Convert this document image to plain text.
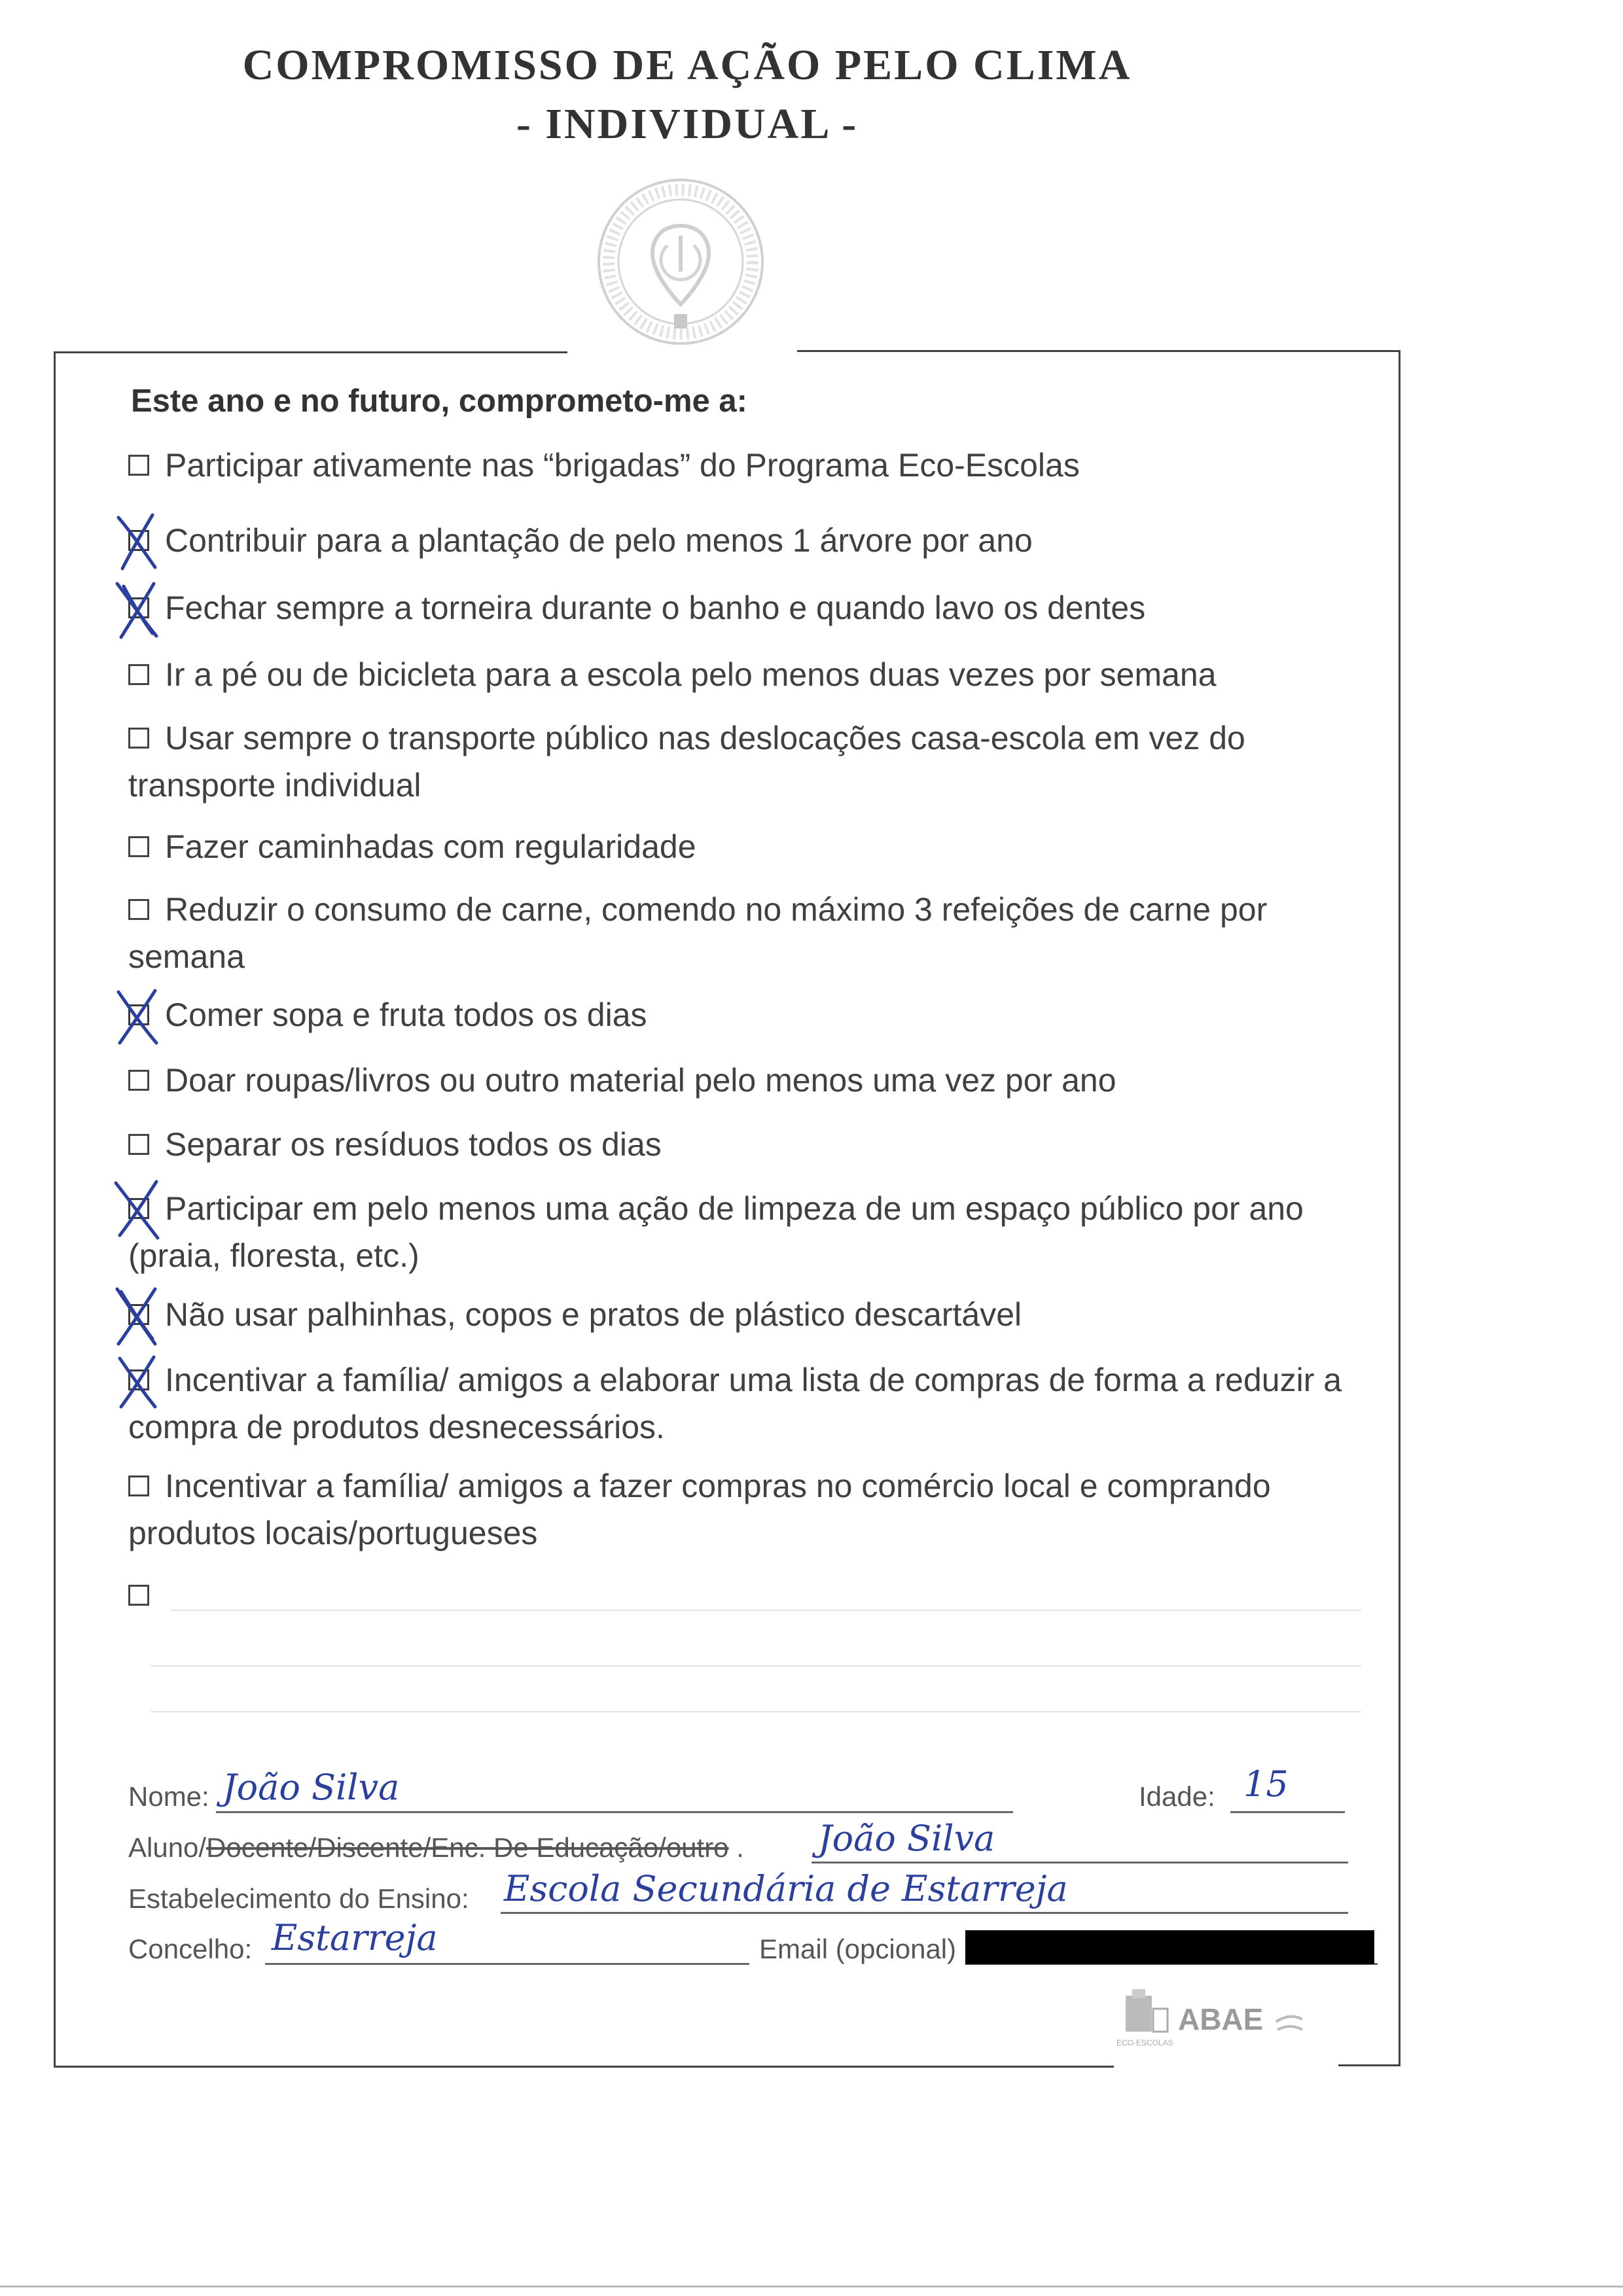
COMPROMISSO DE AÇÃO PELO CLIMA
- INDIVIDUAL -
Este ano e no futuro, comprometo-me a:
Participar ativamente nas “brigadas” do Programa Eco-Escolas
Contribuir para a plantação de pelo menos 1 árvore por ano
Fechar sempre a torneira durante o banho e quando lavo os dentes
Ir a pé ou de bicicleta para a escola pelo menos duas vezes por semana
Usar sempre o transporte público nas deslocações casa-escola em vez do transporte individual
Fazer caminhadas com regularidade
Reduzir o consumo de carne, comendo no máximo 3 refeições de carne por semana
Comer sopa e fruta todos os dias
Doar roupas/livros ou outro material pelo menos uma vez por ano
Separar os resíduos todos os dias
Participar em pelo menos uma ação de limpeza de um espaço público por ano (praia, floresta, etc.)
Não usar palhinhas, copos e pratos de plástico descartável
Incentivar a família/ amigos a elaborar uma lista de compras de forma a reduzir a compra de produtos desnecessários.
Incentivar a família/ amigos a fazer compras no comércio local e comprando produtos locais/portugueses
Nome: João Silva	Idade: 15
Aluno/Docente/Discente/Enc. De Educação/outro . João Silva
Estabelecimento do Ensino: Escola Secundária de Estarreja
Concelho: Estarreja	Email (opcional)
ABAE
ECO-ESCOLAS
